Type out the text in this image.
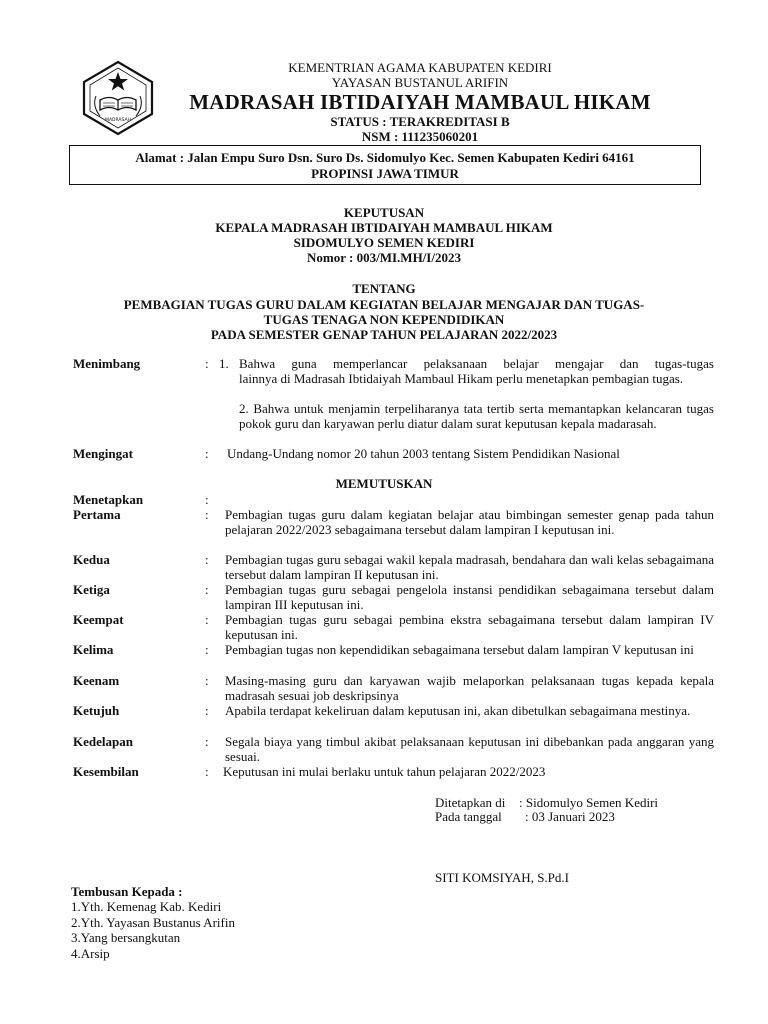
MADRASAH
KEMENTRIAN AGAMA KABUPATEN KEDIRI
YAYASAN BUSTANUL ARIFIN
MADRASAH IBTIDAIYAH MAMBAUL HIKAM
STATUS : TERAKREDITASI B
NSM : 111235060201
Alamat : Jalan Empu Suro Dsn. Suro Ds. Sidomulyo Kec. Semen Kabupaten Kediri 64161
PROPINSI JAWA TIMUR
KEPUTUSAN
KEPALA MADRASAH IBTIDAIYAH MAMBAUL HIKAM
SIDOMULYO SEMEN KEDIRI
Nomor : 003/MI.MH/I/2023
TENTANG
PEMBAGIAN TUGAS GURU DALAM KEGIATAN BELAJAR MENGAJAR DAN TUGAS-
TUGAS TENAGA NON KEPENDIDIKAN
PADA SEMESTER GENAP TAHUN PELAJARAN 2022/2023
Menimbang	: 1. Bahwa guna memperlancar pelaksanaan belajar mengajar dan tugas-tugas
lainnya di Madrasah Ibtidaiyah Mambaul Hikam perlu menetapkan pembagian tugas.
2. Bahwa untuk menjamin terpeliharanya tata tertib serta memantapkan kelancaran tugas pokok guru dan karyawan perlu diatur dalam surat keputusan kepala madarasah.
Mengingat	: Undang-Undang nomor 20 tahun 2003 tentang Sistem Pendidikan Nasional
MEMUTUSKAN
Menetapkan	:
Pertama	: Pembagian tugas guru dalam kegiatan belajar atau bimbingan semester genap pada tahun pelajaran 2022/2023 sebagaimana tersebut dalam lampiran I keputusan ini.
Kedua	: Pembagian tugas guru sebagai wakil kepala madrasah, bendahara dan wali kelas sebagaimana tersebut dalam lampiran II keputusan ini.
Ketiga	: Pembagian tugas guru sebagai pengelola instansi pendidikan sebagaimana tersebut dalam lampiran III keputusan ini.
Keempat	: Pembagian tugas guru sebagai pembina ekstra sebagaimana tersebut dalam lampiran IV keputusan ini.
Kelima	: Pembagian tugas non kependidikan sebagaimana tersebut dalam lampiran V keputusan ini
Keenam	: Masing-masing guru dan karyawan wajib melaporkan pelaksanaan tugas kepada kepala madrasah sesuai job deskripsinya
Ketujuh	: Apabila terdapat kekeliruan dalam keputusan ini, akan dibetulkan sebagaimana mestinya.
Kedelapan	: Segala biaya yang timbul akibat pelaksanaan keputusan ini dibebankan pada anggaran yang sesuai.
Kesembilan	: Keputusan ini mulai berlaku untuk tahun pelajaran 2022/2023
Ditetapkan di : Sidomulyo Semen Kediri
Pada tanggal : 03 Januari 2023
SITI KOMSIYAH, S.Pd.I
Tembusan Kepada :
1.Yth. Kemenag Kab. Kediri
2.Yth. Yayasan Bustanus Arifin
3.Yang bersangkutan
4.Arsip
